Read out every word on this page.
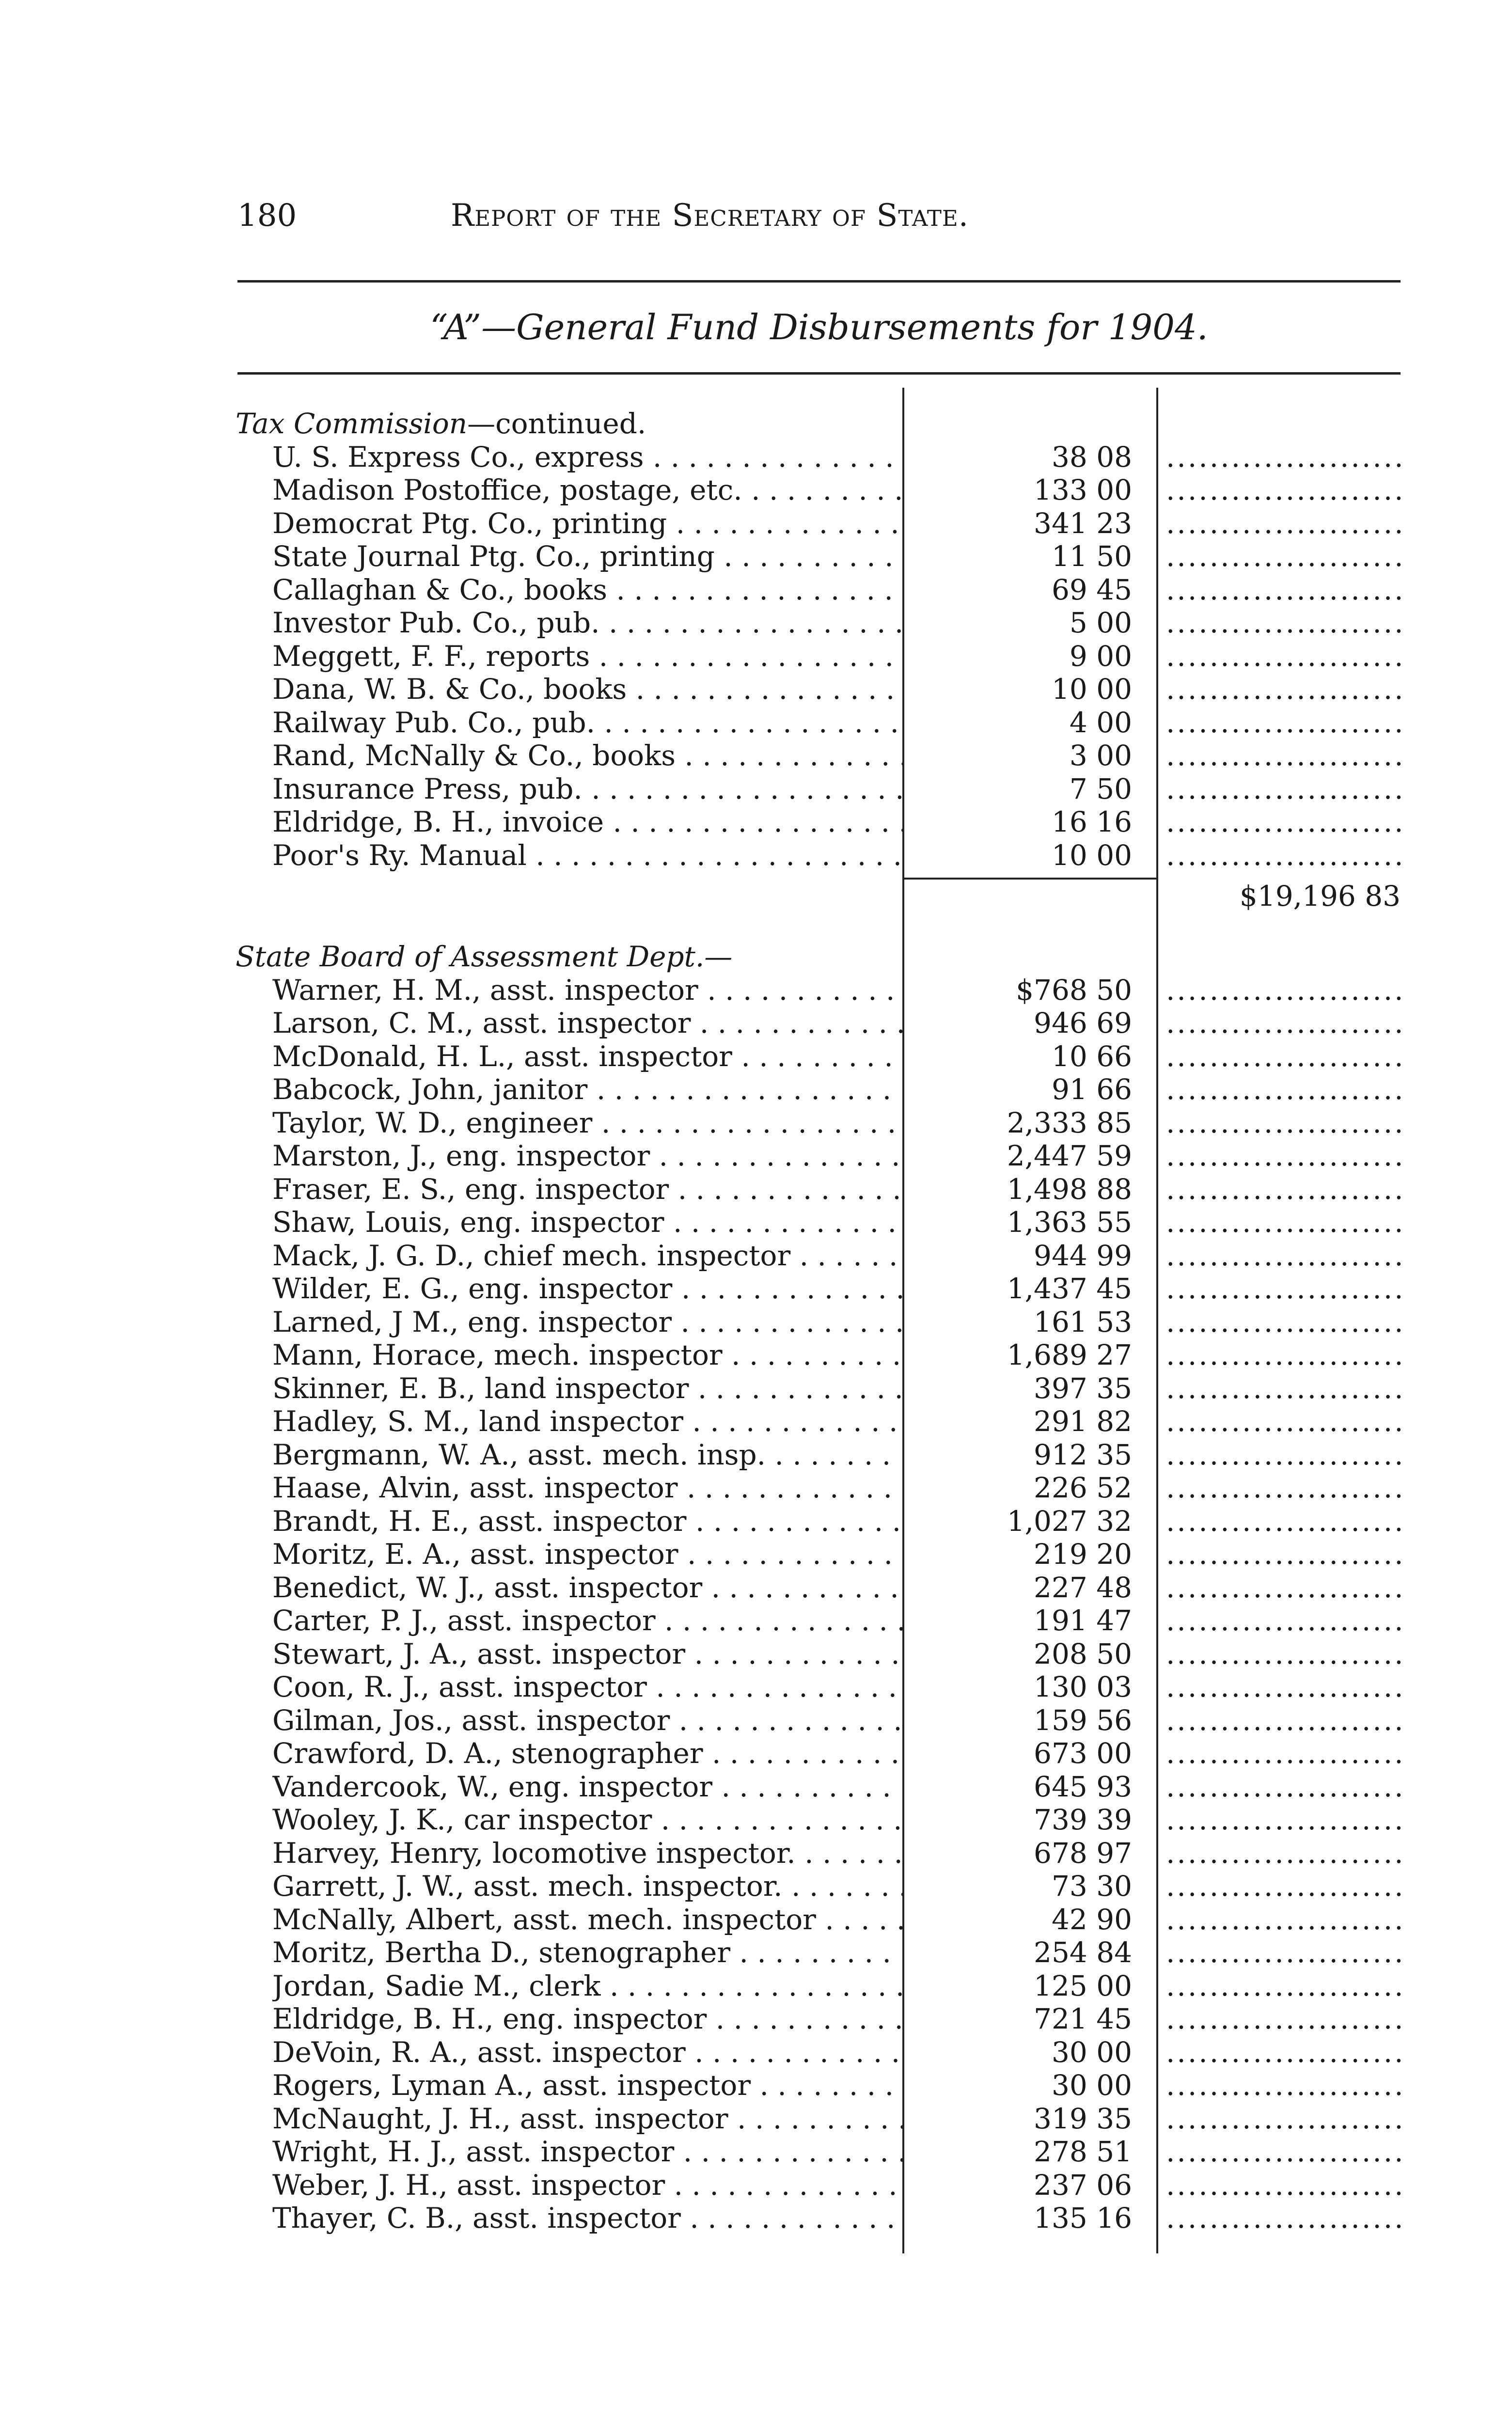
180	Report of the Secretary of State.
“A”—General Fund Disbursements for 1904.
Tax Commission—continued.
U. S. Express Co., express . . .	38 08
.....
Madison Postoffice, postage, etc. . . .	133 00
.....
Democrat Ptg. Co., printing . . .	341 23
.....
State Journal Ptg. Co., printing . . .	11 50
.....
Callaghan & Co., books . . .	69 45
.....
Investor Pub. Co., pub. . . .	5 00
.....
Meggett, F. F., reports . . .	9 00
.....
Dana, W. B. & Co., books . . .	10 00
.....
Railway Pub. Co., pub. . . .	4 00
.....
Rand, McNally & Co., books . . .	3 00
.....
Insurance Press, pub. . . .	7 50
.....
Eldridge, B. H., invoice . . .	16 16
.....
Poor's Ry. Manual . . .	10 00
.....
$19,196 83
State Board of Assessment Dept.—
Warner, H. M., asst. inspector . . .	$768 50
.....
Larson, C. M., asst. inspector . . .	946 69
.....
McDonald, H. L., asst. inspector . . .	10 66
.....
Babcock, John, janitor . . .	91 66
.....
Taylor, W. D., engineer . . .	2,333 85
.....
Marston, J., eng. inspector . . .	2,447 59
.....
Fraser, E. S., eng. inspector . . .	1,498 88
.....
Shaw, Louis, eng. inspector . . .	1,363 55
.....
Mack, J. G. D., chief mech. inspector . . .	944 99
.....
Wilder, E. G., eng. inspector . . .	1,437 45
.....
Larned, J M., eng. inspector . . .	161 53
.....
Mann, Horace, mech. inspector . . .	1,689 27
.....
Skinner, E. B., land inspector . . .	397 35
.....
Hadley, S. M., land inspector . . .	291 82
.....
Bergmann, W. A., asst. mech. insp. . . .	912 35
.....
Haase, Alvin, asst. inspector . . .	226 52
.....
Brandt, H. E., asst. inspector . . .	1,027 32
.....
Moritz, E. A., asst. inspector . . .	219 20
.....
Benedict, W. J., asst. inspector . . .	227 48
.....
Carter, P. J., asst. inspector . . .	191 47
.....
Stewart, J. A., asst. inspector . . .	208 50
.....
Coon, R. J., asst. inspector . . .	130 03
.....
Gilman, Jos., asst. inspector . . .	159 56
.....
Crawford, D. A., stenographer . . .	673 00
.....
Vandercook, W., eng. inspector . . .	645 93
.....
Wooley, J. K., car inspector . . .	739 39
.....
Harvey, Henry, locomotive inspector. . . .	678 97
.....
Garrett, J. W., asst. mech. inspector. . . .	73 30
.....
McNally, Albert, asst. mech. inspector . . .	42 90
.....
Moritz, Bertha D., stenographer . . .	254 84
.....
Jordan, Sadie M., clerk . . .	125 00
.....
Eldridge, B. H., eng. inspector . . .	721 45
.....
DeVoin, R. A., asst. inspector . . .	30 00
.....
Rogers, Lyman A., asst. inspector . . .	30 00
.....
McNaught, J. H., asst. inspector . . .	319 35
.....
Wright, H. J., asst. inspector . . .	278 51
.....
Weber, J. H., asst. inspector . . .	237 06
.....
Thayer, C. B., asst. inspector . . .	135 16
.....
